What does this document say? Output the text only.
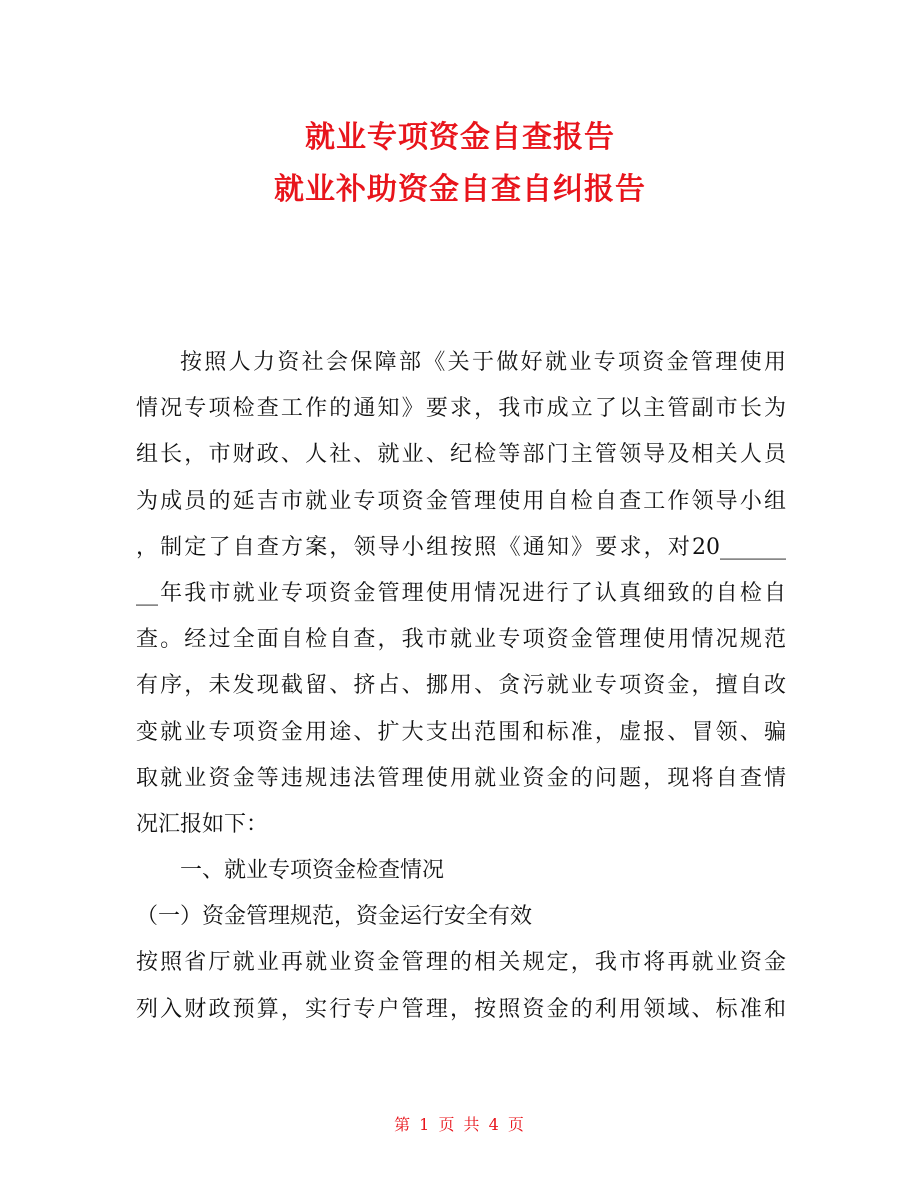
就业专项资金自查报告
就业补助资金自查自纠报告
按照人力资社会保障部《关于做好就业专项资金管理使用
情况专项检查工作的通知》要求，我市成立了以主管副市长为
组长，市财政、人社、就业、纪检等部门主管领导及相关人员
为成员的延吉市就业专项资金管理使用自检自查工作领导小组
，制定了自查方案，领导小组按照《通知》要求，对20______
__年我市就业专项资金管理使用情况进行了认真细致的自检自
查。经过全面自检自查，我市就业专项资金管理使用情况规范
有序，未发现截留、挤占、挪用、贪污就业专项资金，擅自改
变就业专项资金用途、扩大支出范围和标准，虚报、冒领、骗
取就业资金等违规违法管理使用就业资金的问题，现将自查情
况汇报如下：
一、就业专项资金检查情况
（一）资金管理规范，资金运行安全有效
按照省厅就业再就业资金管理的相关规定，我市将再就业资金
列入财政预算，实行专户管理，按照资金的利用领域、标准和
第 1 页 共 4 页
